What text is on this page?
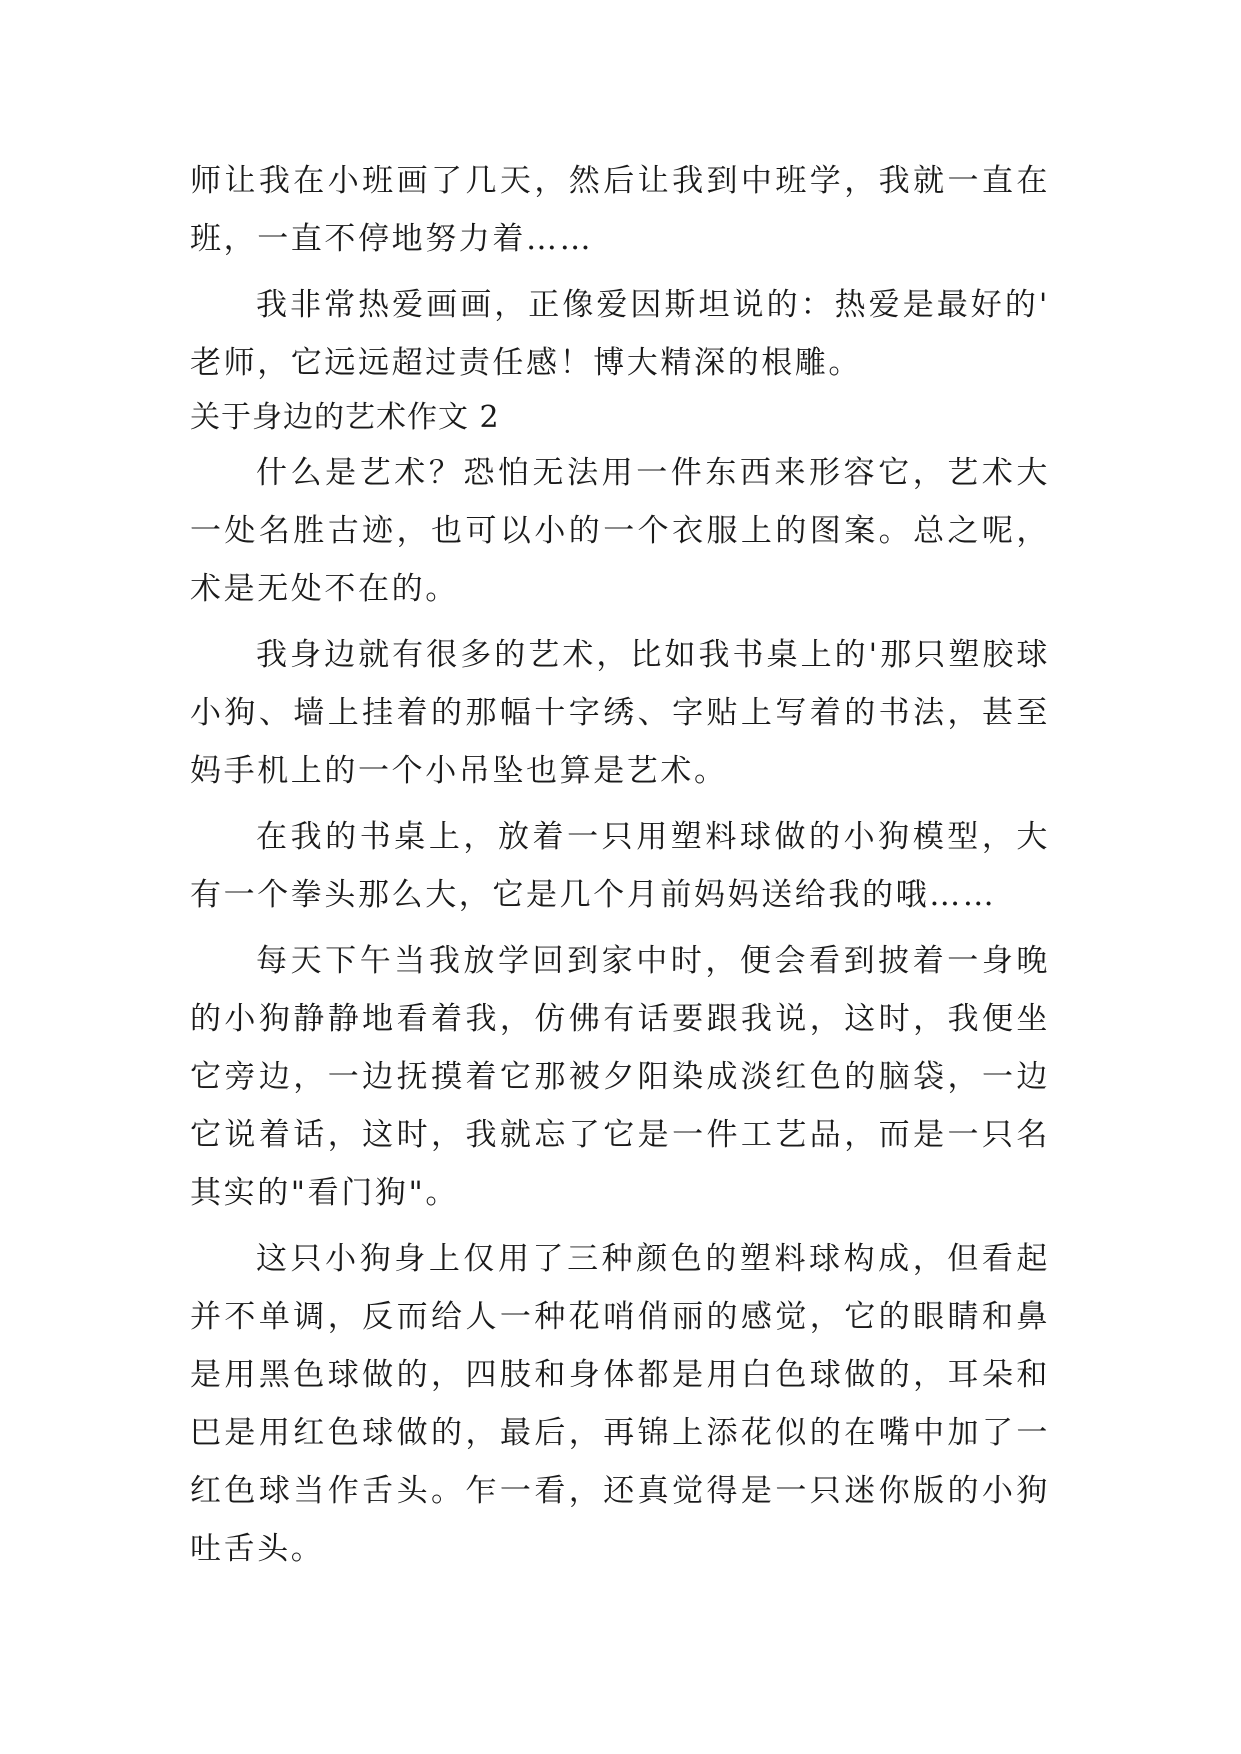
师让我在小班画了几天，然后让我到中班学，我就一直在
班，一直不停地努力着……
我非常热爱画画，正像爱因斯坦说的：热爱是最好的'
老师，它远远超过责任感！博大精深的根雕。
关于身边的艺术作文 2
什么是艺术？恐怕无法用一件东西来形容它，艺术大
一处名胜古迹，也可以小的一个衣服上的图案。总之呢，
术是无处不在的。
我身边就有很多的艺术，比如我书桌上的'那只塑胶球
小狗、墙上挂着的那幅十字绣、字贴上写着的书法，甚至
妈手机上的一个小吊坠也算是艺术。
在我的书桌上，放着一只用塑料球做的小狗模型，大
有一个拳头那么大，它是几个月前妈妈送给我的哦……
每天下午当我放学回到家中时，便会看到披着一身晚
的小狗静静地看着我，仿佛有话要跟我说，这时，我便坐
它旁边，一边抚摸着它那被夕阳染成淡红色的脑袋，一边
它说着话，这时，我就忘了它是一件工艺品，而是一只名
其实的"看门狗"。
这只小狗身上仅用了三种颜色的塑料球构成，但看起
并不单调，反而给人一种花哨俏丽的感觉，它的眼睛和鼻
是用黑色球做的，四肢和身体都是用白色球做的，耳朵和
巴是用红色球做的，最后，再锦上添花似的在嘴中加了一
红色球当作舌头。乍一看，还真觉得是一只迷你版的小狗
吐舌头。
